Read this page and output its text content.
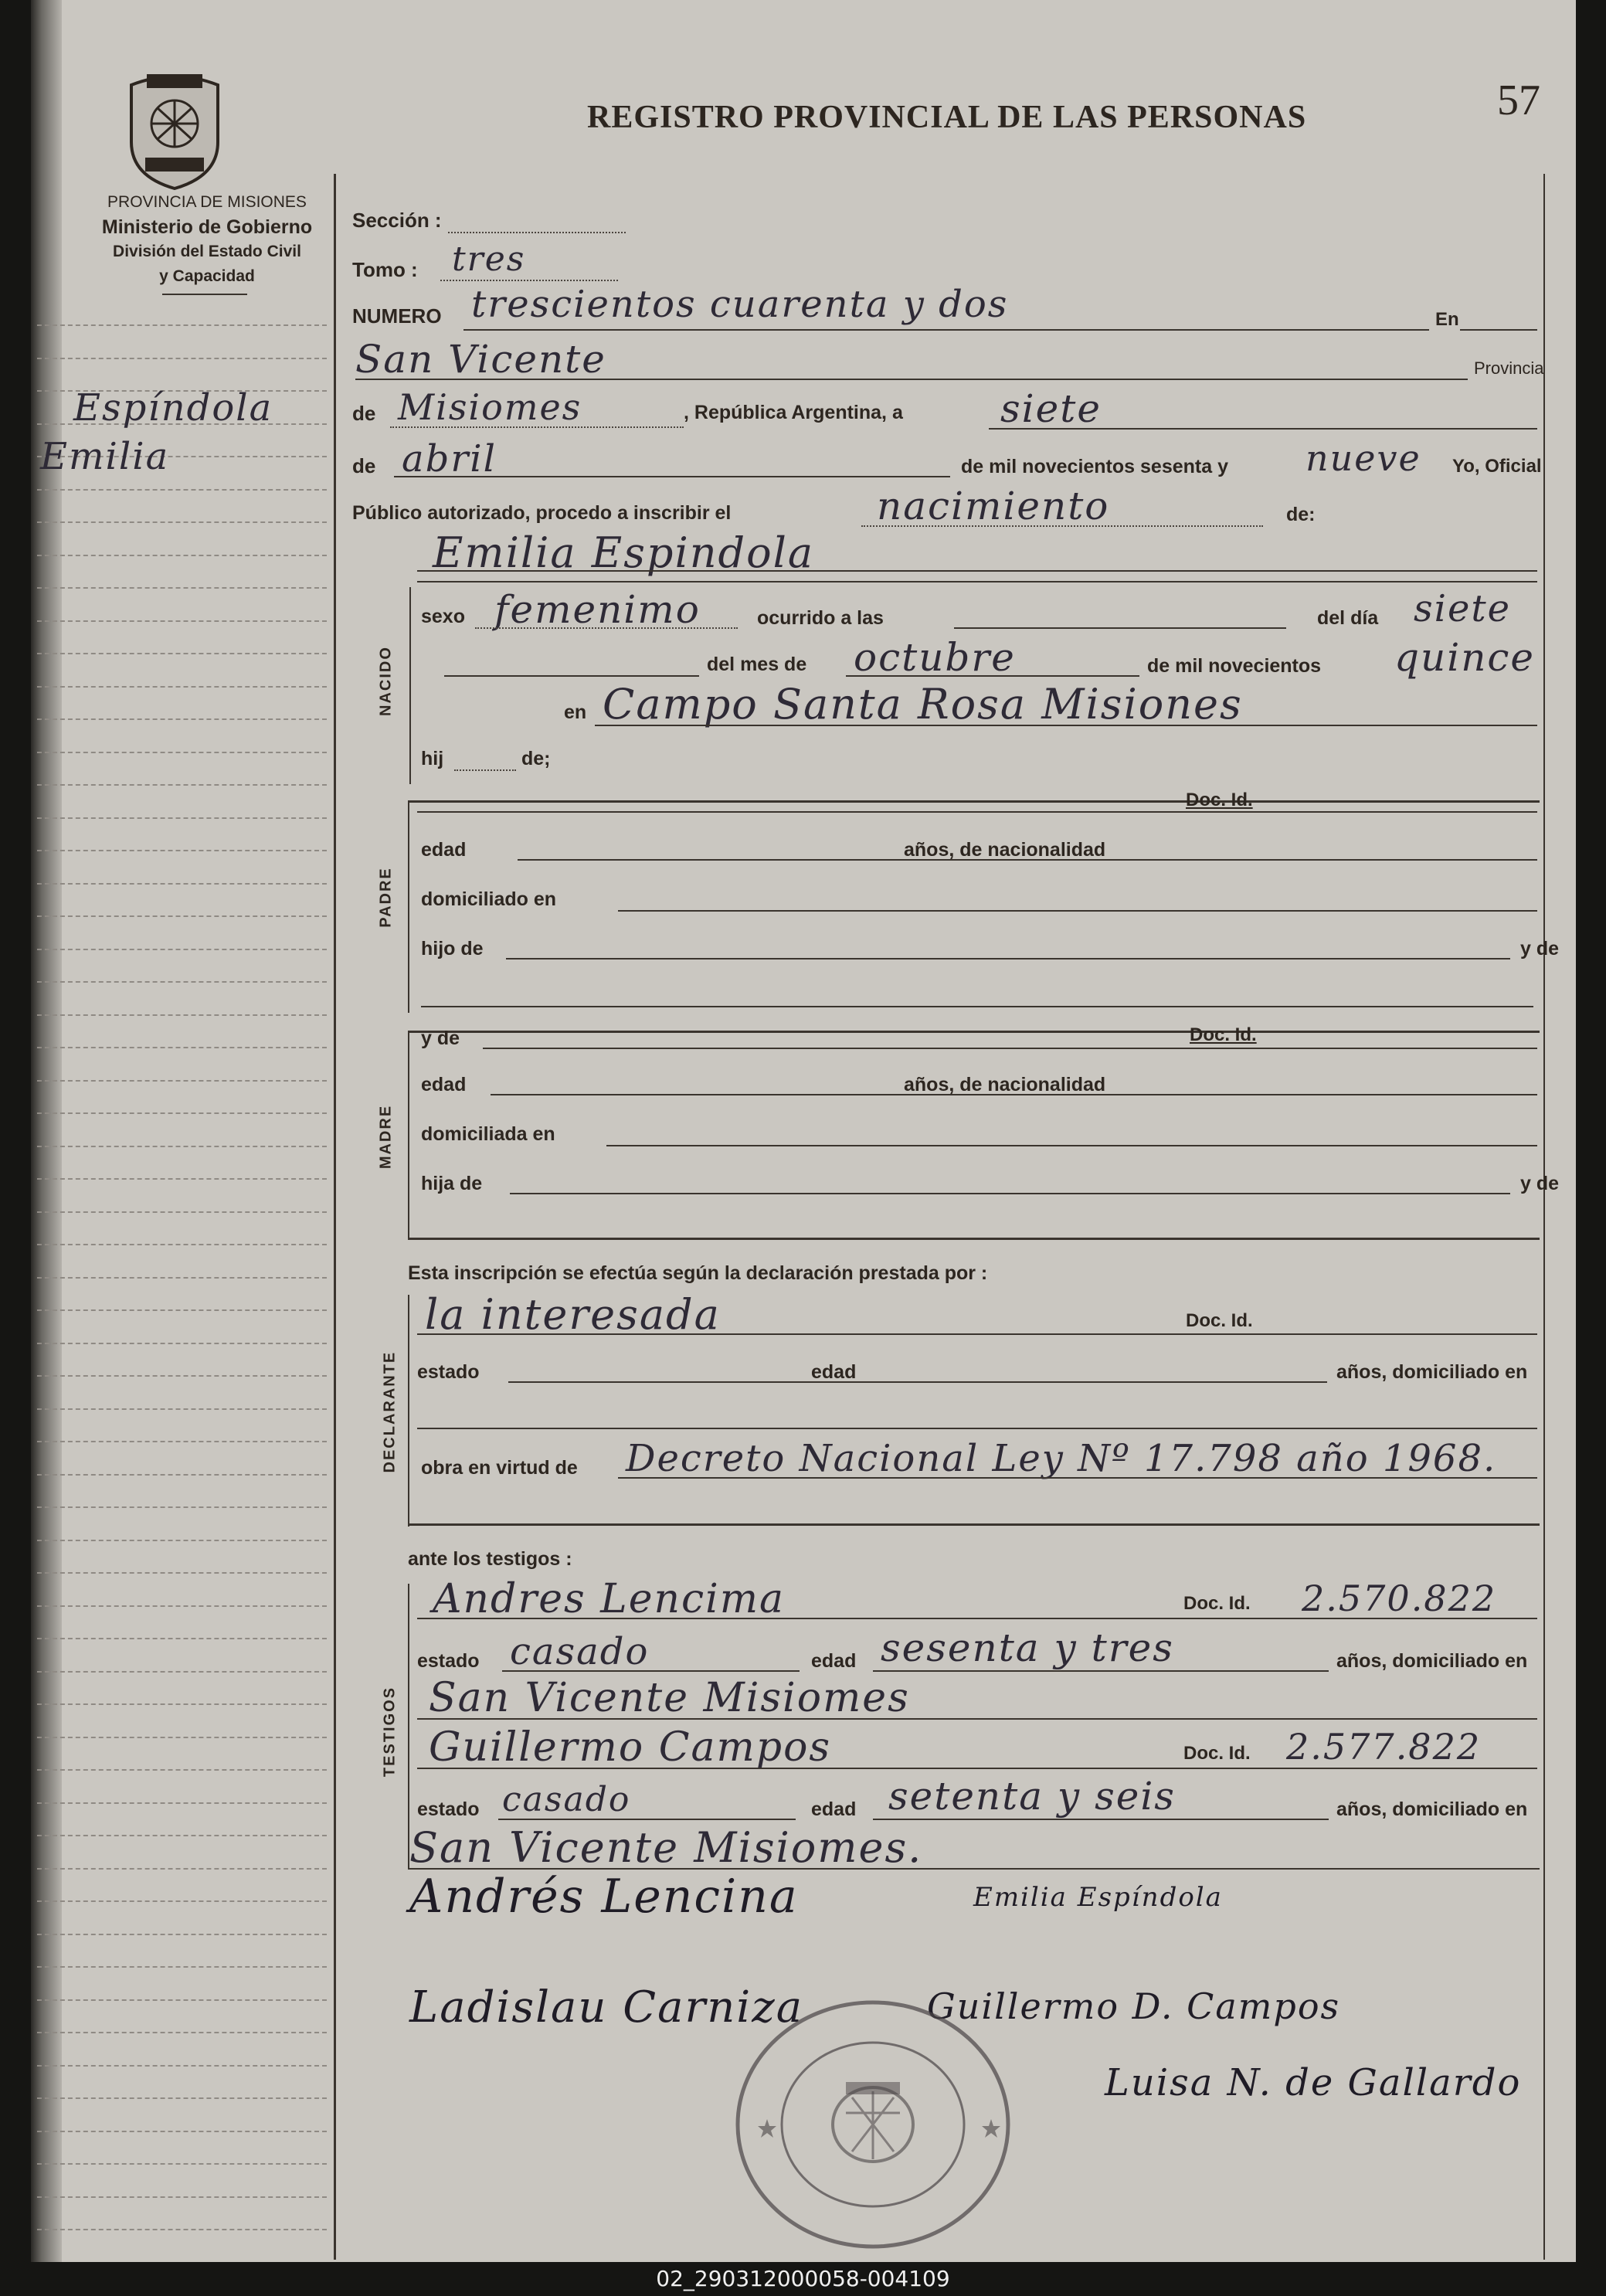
PROVINCIA DE MISIONES
Ministerio de Gobierno
División del Estado Civil
y Capacidad
Espíndola
Emilia
REGISTRO PROVINCIAL DE LAS PERSONAS	57
Sección :
Tomo : tres
NUMERO trescientos cuarenta y dos	En
San Vicente	Provincia
de Misiomes	, República Argentina, a	siete
de abril	de mil novecientos sesenta y nueve Yo, Oficial
Público autorizado, procedo a inscribir el	nacimiento	de:
Emilia Espindola
NACIDO
sexo femenimo	ocurrido a las	del día siete
del mes de octubre	de mil novecientos quince
en Campo Santa Rosa Misiones
hij	de;
Doc. Id.
PADRE
edad	años, de nacionalidad
domiciliado en
hijo de	y de
y de	Doc. Id.
MADRE
edad	años, de nacionalidad
domiciliada en
hija de	y de
Esta inscripción se efectúa según la declaración prestada por :
DECLARANTE
la interesada	Doc. Id.
estado	edad	años, domiciliado en
obra en virtud de Decreto Nacional Ley Nº 17.798 año 1968.
ante los testigos :
TESTIGOS
Andres Lencima	Doc. Id. 2.570.822
estado casado	edad sesenta y tres	años, domiciliado en
San Vicente Misiomes
Guillermo Campos	Doc. Id. 2.577.822
estado casado	edad setenta y seis	años, domiciliado en
San Vicente Misiomes.
Andrés Lencina	Emilia Espíndola
Ladislau Carniza	Guillermo D. Campos
Luisa N. de Gallardo
02_290312000058-004109
